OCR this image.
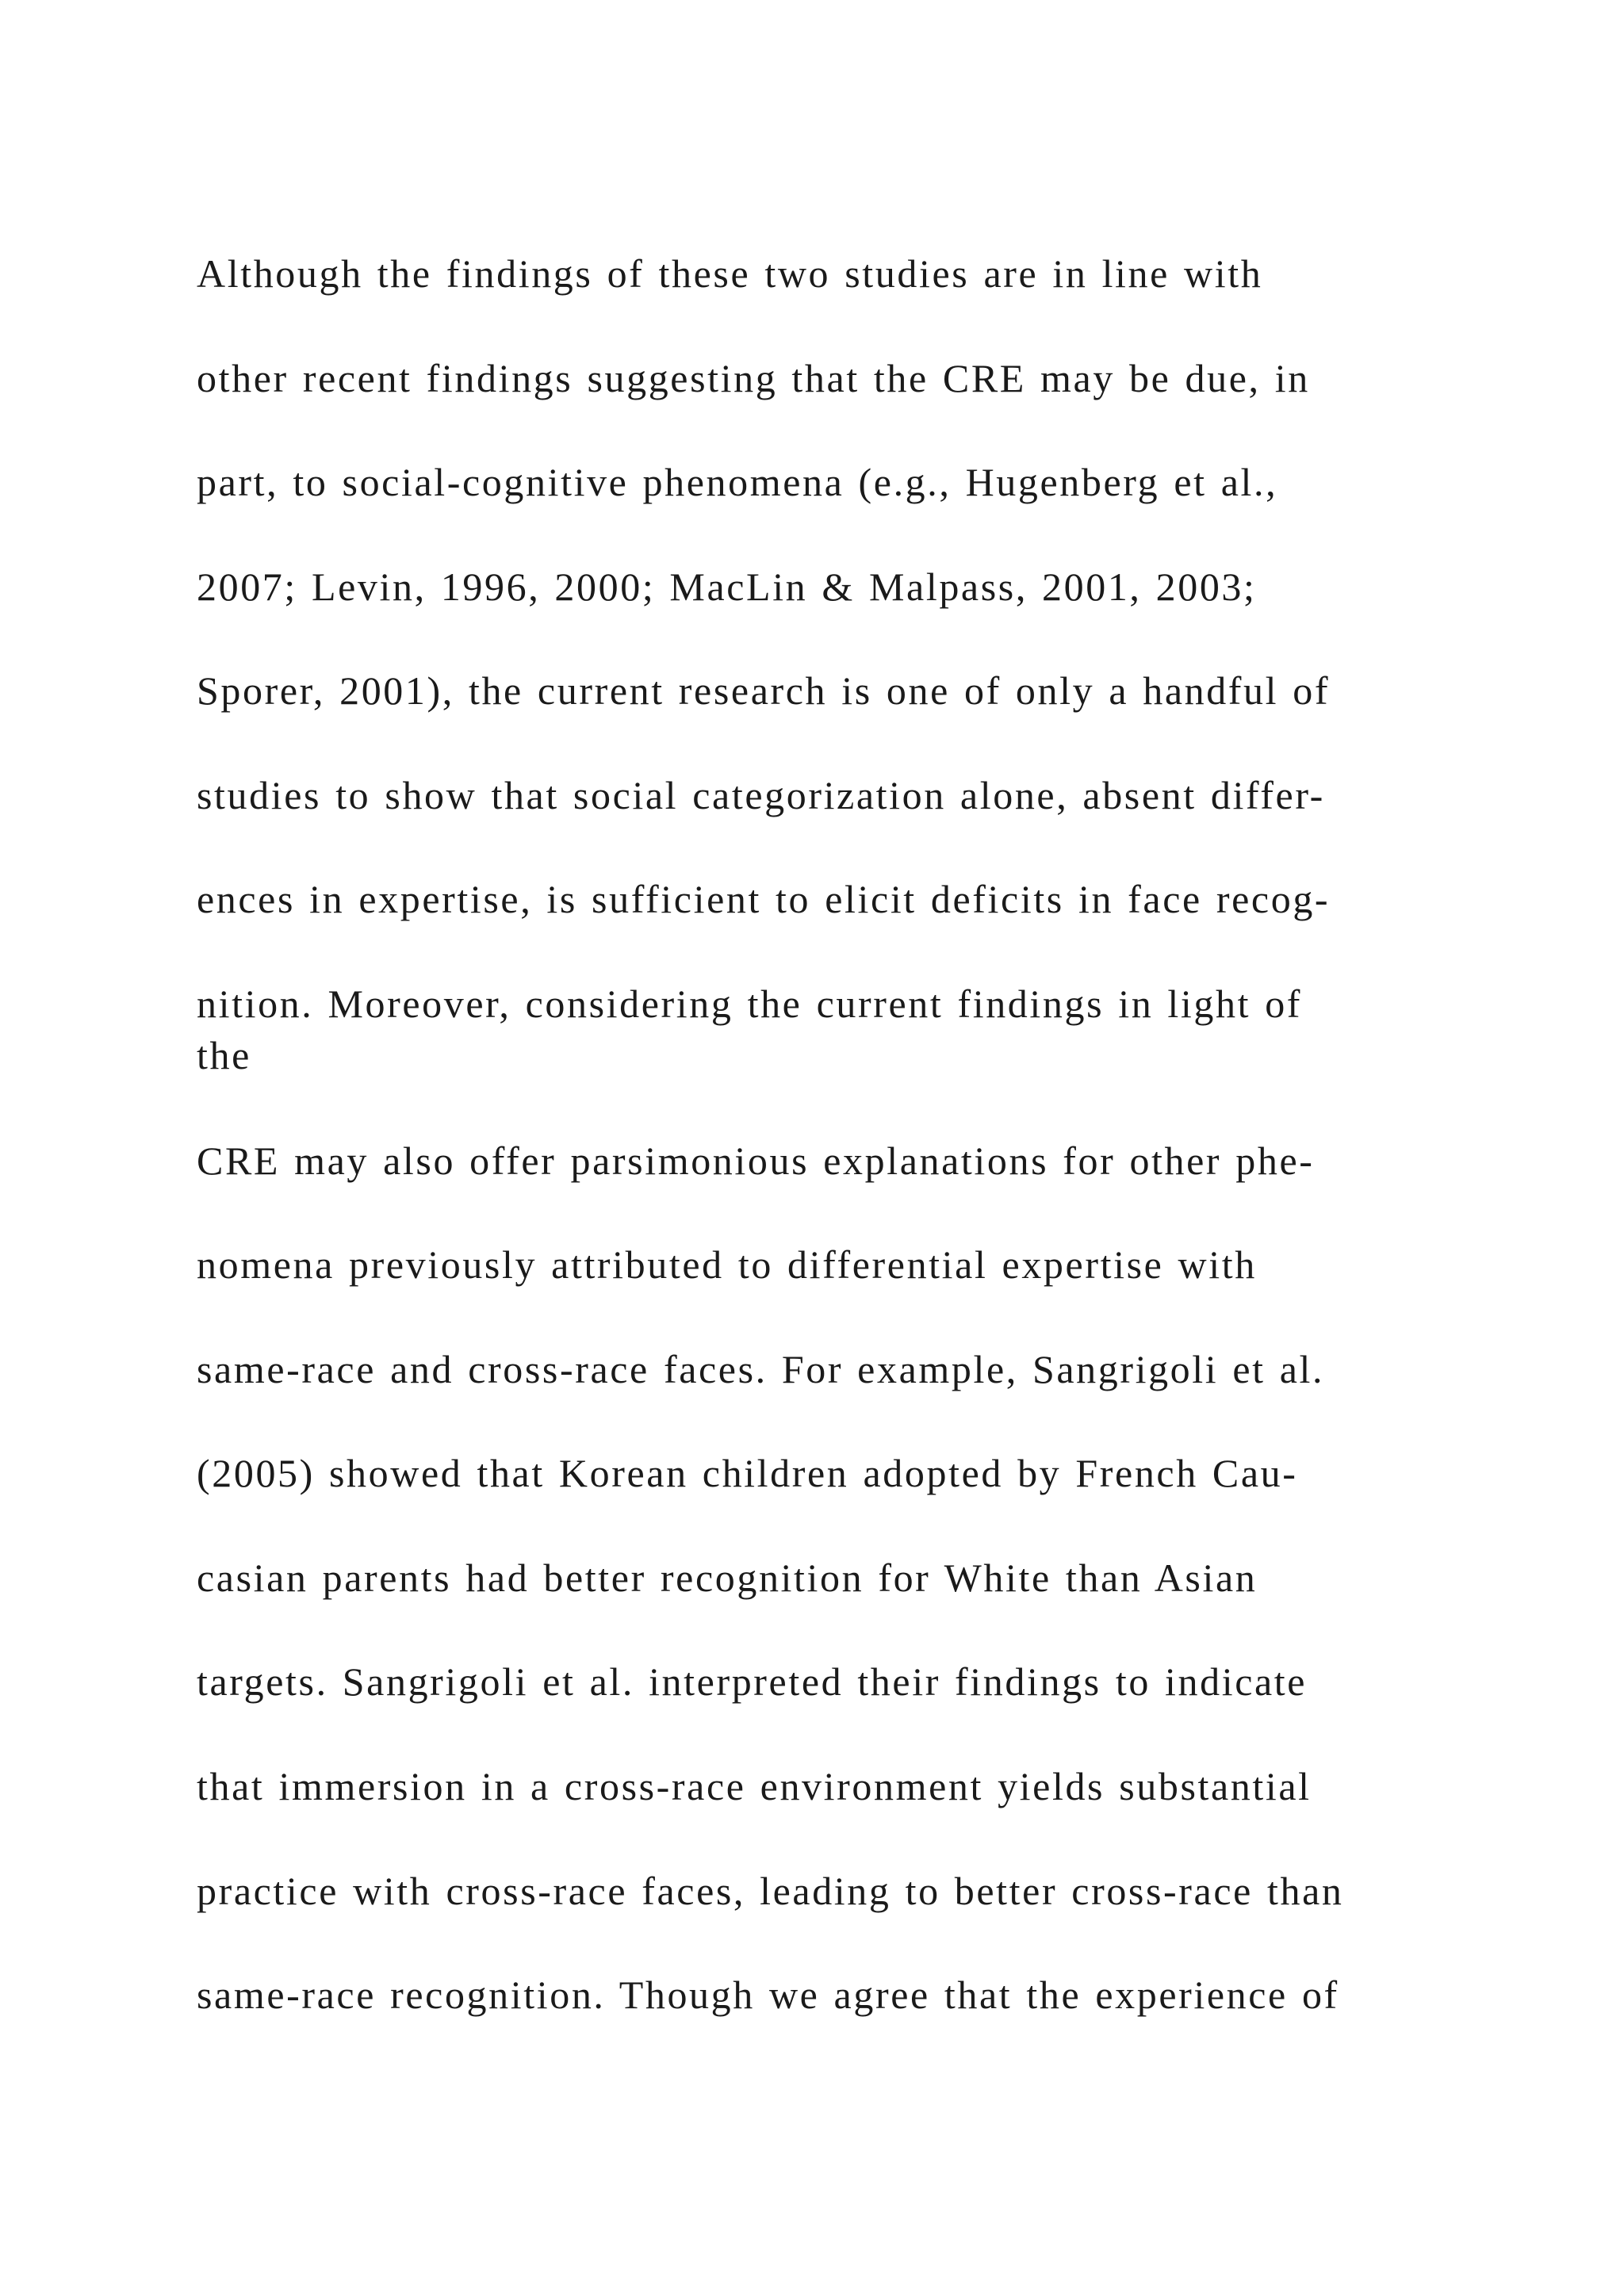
Although the findings of these two studies are in line with
other recent findings suggesting that the CRE may be due, in
part, to social-cognitive phenomena (e.g., Hugenberg et al.,
2007; Levin, 1996, 2000; MacLin & Malpass, 2001, 2003;
Sporer, 2001), the current research is one of only a handful of
studies to show that social categorization alone, absent differ-
ences in expertise, is sufficient to elicit deficits in face recog-
nition. Moreover, considering the current findings in light of
the
CRE may also offer parsimonious explanations for other phe-
nomena previously attributed to differential expertise with
same-race and cross-race faces. For example, Sangrigoli et al.
(2005) showed that Korean children adopted by French Cau-
casian parents had better recognition for White than Asian
targets. Sangrigoli et al. interpreted their findings to indicate
that immersion in a cross-race environment yields substantial
practice with cross-race faces, leading to better cross-race than
same-race recognition. Though we agree that the experience of
